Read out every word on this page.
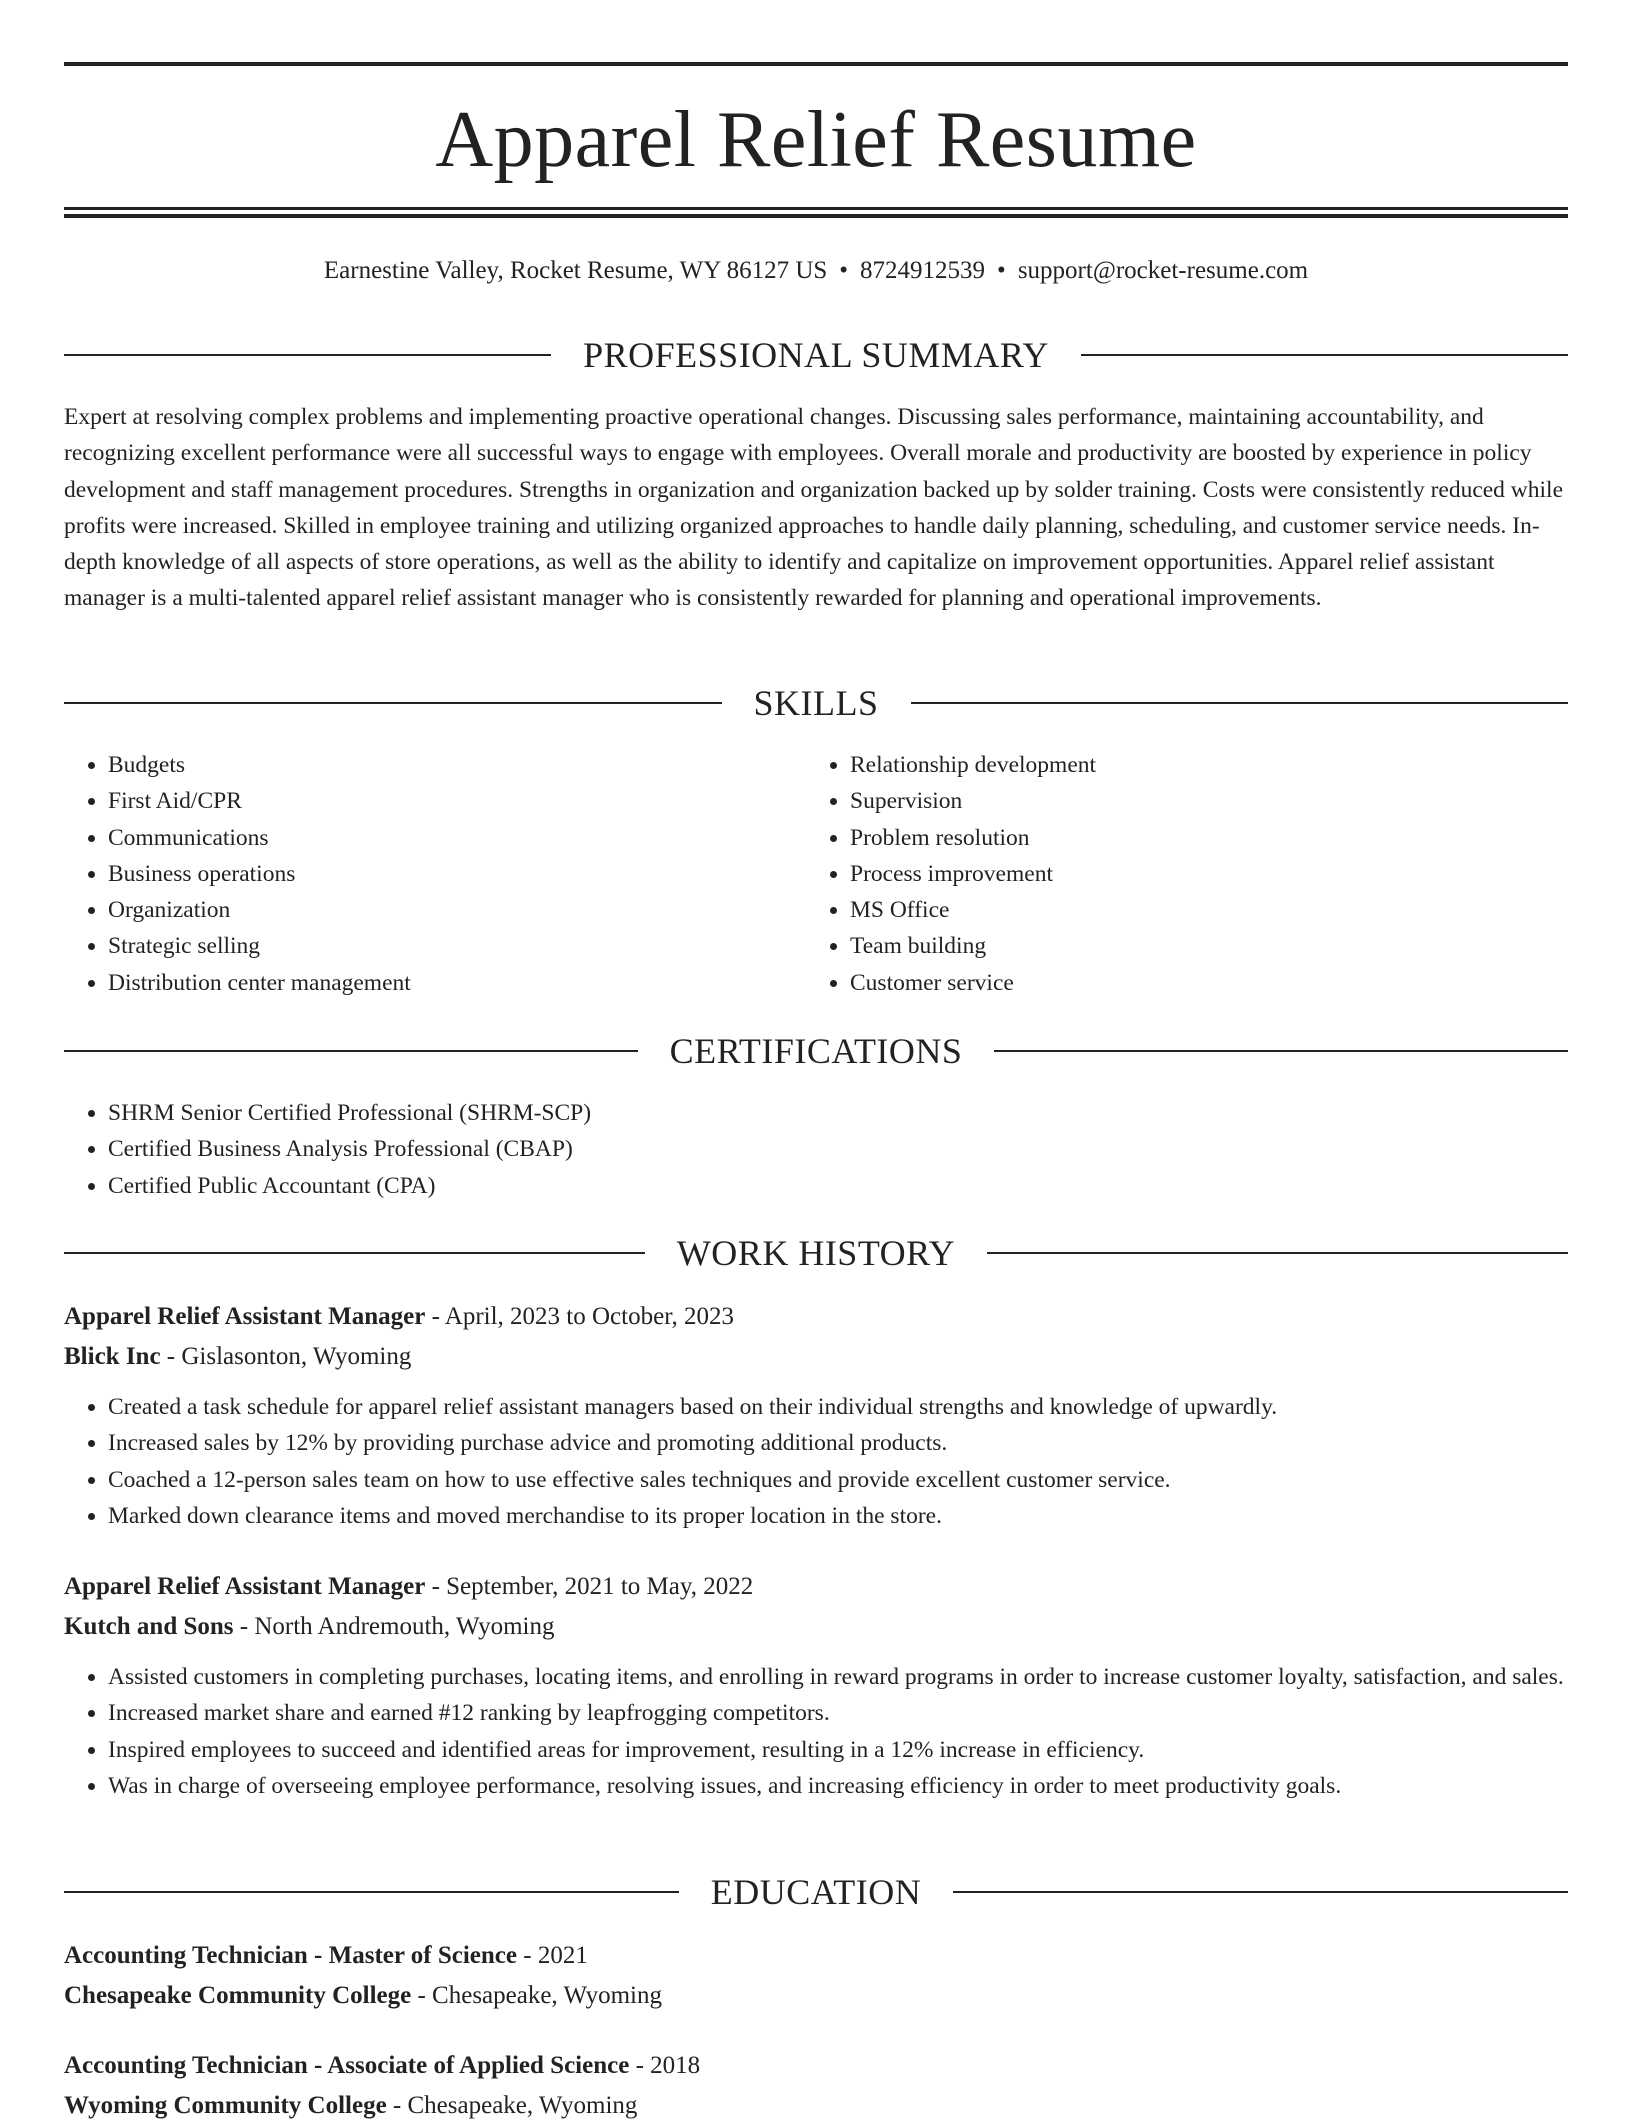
Apparel Relief Resume
Earnestine Valley, Rocket Resume, WY 86127 US • 8724912539 • support@rocket-resume.com
PROFESSIONAL SUMMARY

Expert at resolving complex problems and implementing proactive operational changes. Discussing sales performance, maintaining accountability, and recognizing excellent performance were all successful ways to engage with employees. Overall morale and productivity are boosted by experience in policy development and staff management procedures. Strengths in organization and organization backed up by solder training. Costs were consistently reduced while profits were increased. Skilled in employee training and utilizing organized approaches to handle daily planning, scheduling, and customer service needs. In-depth knowledge of all aspects of store operations, as well as the ability to identify and capitalize on improvement opportunities. Apparel relief assistant manager is a multi-talented apparel relief assistant manager who is consistently rewarded for planning and operational improvements.

SKILLS
• Budgets
• First Aid/CPR
• Communications
• Business operations
• Organization
• Strategic selling
• Distribution center management
• Relationship development
• Supervision
• Problem resolution
• Process improvement
• MS Office
• Team building
• Customer service
CERTIFICATIONS
• SHRM Senior Certified Professional (SHRM-SCP)
• Certified Business Analysis Professional (CBAP)
• Certified Public Accountant (CPA)
WORK HISTORY

Apparel Relief Assistant Manager - April, 2023 to October, 2023

Blick Inc - Gislasonton, Wyoming

• Created a task schedule for apparel relief assistant managers based on their individual strengths and knowledge of upwardly.
• Increased sales by 12% by providing purchase advice and promoting additional products.
• Coached a 12-person sales team on how to use effective sales techniques and provide excellent customer service.
• Marked down clearance items and moved merchandise to its proper location in the store.

Apparel Relief Assistant Manager - September, 2021 to May, 2022

Kutch and Sons - North Andremouth, Wyoming

• Assisted customers in completing purchases, locating items, and enrolling in reward programs in order to increase customer loyalty, satisfaction, and sales.
• Increased market share and earned #12 ranking by leapfrogging competitors.
• Inspired employees to succeed and identified areas for improvement, resulting in a 12% increase in efficiency.
• Was in charge of overseeing employee performance, resolving issues, and increasing efficiency in order to meet productivity goals.
EDUCATION

Accounting Technician - Master of Science - 2021

Chesapeake Community College - Chesapeake, Wyoming

Accounting Technician - Associate of Applied Science - 2018

Wyoming Community College - Chesapeake, Wyoming
